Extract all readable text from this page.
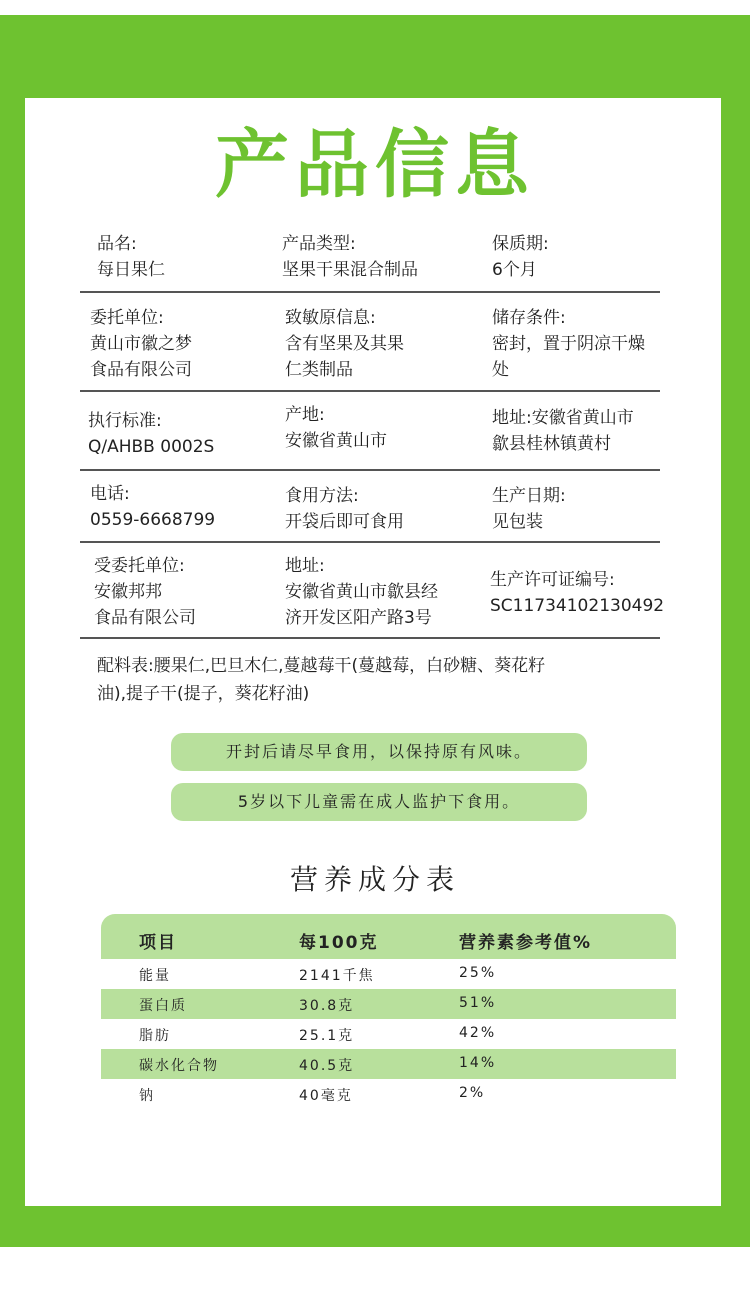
产品信息
品名:
每日果仁
产品类型:
坚果干果混合制品
保质期:
6个月
委托单位:
黄山市徽之梦
食品有限公司
致敏原信息:
含有坚果及其果
仁类制品
储存条件:
密封，置于阴凉干燥
处
执行标准:
Q/AHBB 0002S
产地:
安徽省黄山市
地址:安徽省黄山市
歙县桂林镇黄村
电话:
0559-6668799
食用方法:
开袋后即可食用
生产日期:
见包装
受委托单位:
安徽邦邦
食品有限公司
地址:
安徽省黄山市歙县经
济开发区阳产路3号
生产许可证编号:
SC11734102130492
配料表:腰果仁,巴旦木仁,蔓越莓干(蔓越莓，白砂糖、葵花籽
油),提子干(提子，葵花籽油)
开封后请尽早食用，以保持原有风味。
5岁以下儿童需在成人监护下食用。
营养成分表
项目	每100克	营养素参考值%
能量	2141千焦	25%
蛋白质	30.8克	51%
脂肪	25.1克	42%
碳水化合物	40.5克	14%
钠	40毫克	2%
